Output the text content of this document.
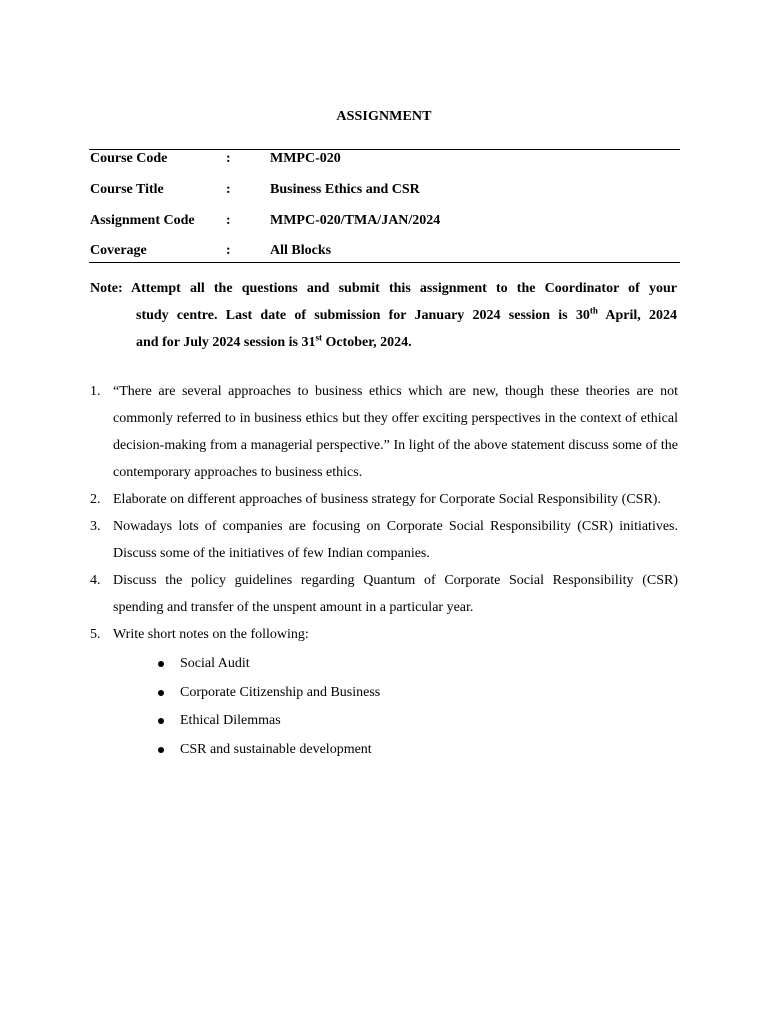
ASSIGNMENT
Course Code	:	MMPC-020
Course Title	:	Business Ethics and CSR
Assignment Code :	MMPC-020/TMA/JAN/2024
Coverage	:	All Blocks
Note: Attempt all the questions and submit this assignment to the Coordinator of your
study centre. Last date of submission for January 2024 session is 30th April, 2024
and for July 2024 session is 31st October, 2024.
1. “There are several approaches to business ethics which are new, though these theories are not commonly referred to in business ethics but they offer exciting perspectives in the context of ethical decision-making from a managerial perspective.” In light of the above statement discuss some of the contemporary approaches to business ethics.
2. Elaborate on different approaches of business strategy for Corporate Social Responsibility (CSR).
3. Nowadays lots of companies are focusing on Corporate Social Responsibility (CSR) initiatives. Discuss some of the initiatives of few Indian companies.
4. Discuss the policy guidelines regarding Quantum of Corporate Social Responsibility (CSR) spending and transfer of the unspent amount in a particular year.
5. Write short notes on the following:
Social Audit
Corporate Citizenship and Business
Ethical Dilemmas
CSR and sustainable development
